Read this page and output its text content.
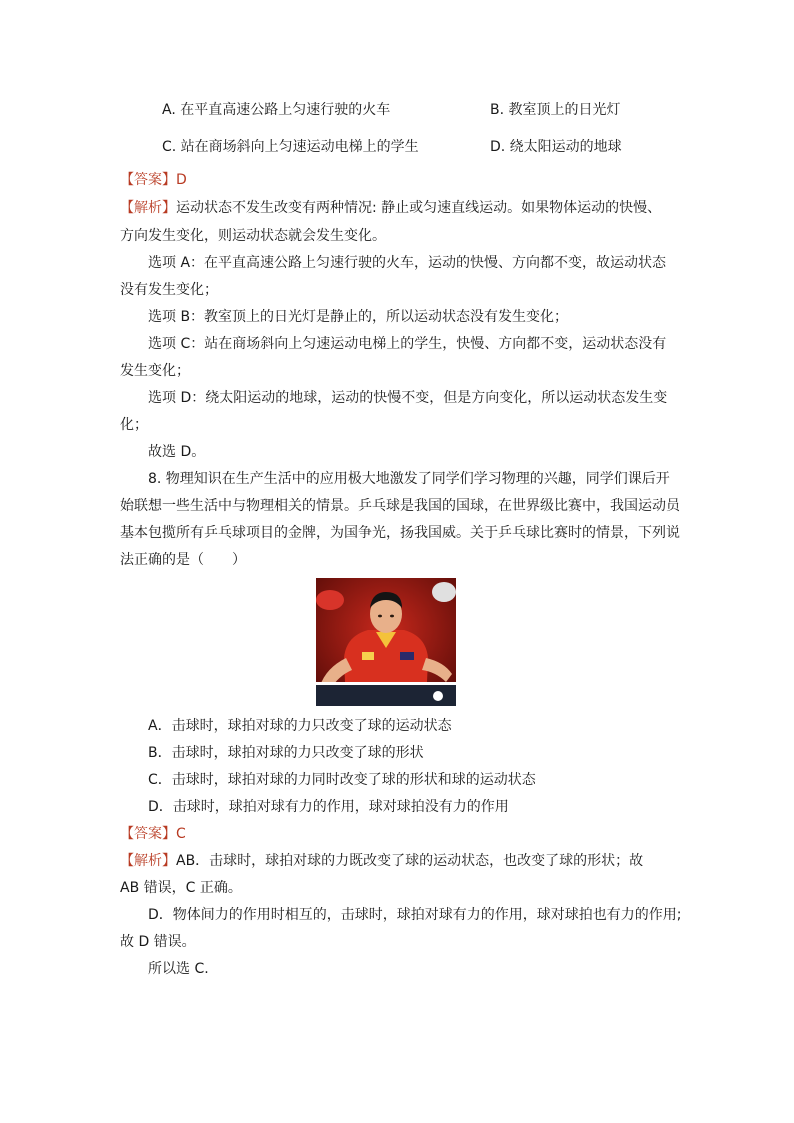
A. 在平直高速公路上匀速行驶的火车	B. 教室顶上的日光灯
C. 站在商场斜向上匀速运动电梯上的学生	D. 绕太阳运动的地球
【答案】D
【解析】运动状态不发生改变有两种情况: 静止或匀速直线运动。如果物体运动的快慢、
方向发生变化，则运动状态就会发生变化。
选项 A：在平直高速公路上匀速行驶的火车，运动的快慢、方向都不变，故运动状态
没有发生变化；
选项 B：教室顶上的日光灯是静止的，所以运动状态没有发生变化；
选项 C：站在商场斜向上匀速运动电梯上的学生，快慢、方向都不变，运动状态没有
发生变化；
选项 D：绕太阳运动的地球，运动的快慢不变，但是方向变化，所以运动状态发生变
化；
故选 D。
8. 物理知识在生产生活中的应用极大地激发了同学们学习物理的兴趣，同学们课后开
始联想一些生活中与物理相关的情景。乒乓球是我国的国球，在世界级比赛中，我国运动员
基本包揽所有乒乓球项目的金牌，为国争光，扬我国威。关于乒乓球比赛时的情景，下列说
法正确的是（　　）
A．击球时，球拍对球的力只改变了球的运动状态
B．击球时，球拍对球的力只改变了球的形状
C．击球时，球拍对球的力同时改变了球的形状和球的运动状态
D．击球时，球拍对球有力的作用，球对球拍没有力的作用
【答案】C
【解析】AB．击球时，球拍对球的力既改变了球的运动状态，也改变了球的形状；故
AB 错误，C 正确。
D．物体间力的作用时相互的，击球时，球拍对球有力的作用，球对球拍也有力的作用;
故 D 错误。
所以选 C.
